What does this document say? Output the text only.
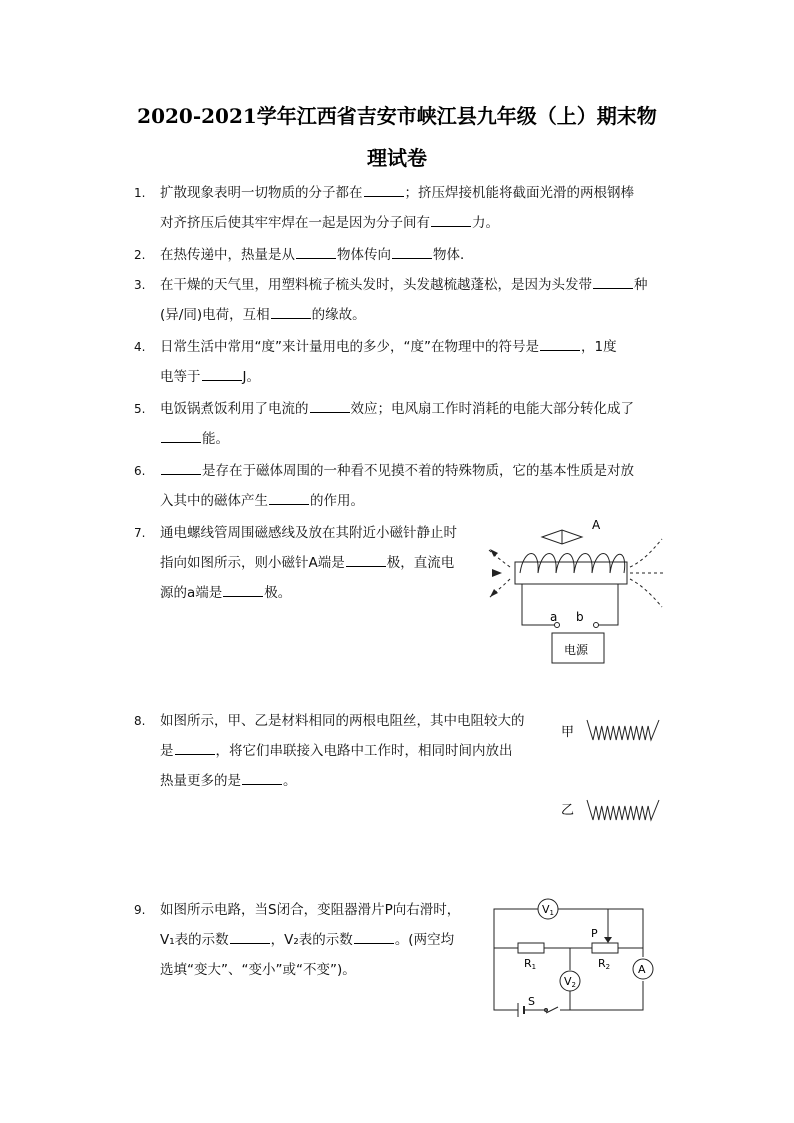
2020-2021学年江西省吉安市峡江县九年级（上）期末物
理试卷
1.	扩散现象表明一切物质的分子都在	；挤压焊接机能将截面光滑的两根钢棒
对齐挤压后使其牢牢焊在一起是因为分子间有	力。
2.	在热传递中，热量是从	物体传向	物体．
3.	在干燥的天气里，用塑料梳子梳头发时，头发越梳越蓬松，是因为头发带	种
(异/同)电荷，互相	的缘故。
4.	日常生活中常用“度”来计量用电的多少，“度”在物理中的符号是	，1度
电等于	J。
5.	电饭锅煮饭利用了电流的	效应；电风扇工作时消耗的电能大部分转化成了
能。
6.	是存在于磁体周围的一种看不见摸不着的特殊物质，它的基本性质是对放
入其中的磁体产生	的作用。
7.	通电螺线管周围磁感线及放在其附近小磁针静止时
指向如图所示，则小磁针A端是	极，直流电
源的a端是	极。
8.	如图所示，甲、乙是材料相同的两根电阻丝，其中电阻较大的
是	，将它们串联接入电路中工作时，相同时间内放出
热量更多的是	。
9.	如图所示电路，当S闭合，变阻器滑片P向右滑时，
V₁表的示数	，V₂表的示数	。(两空均
选填“变大”、“变小”或“不变”)。
A
a b
电源
甲
乙
V1
V2
A
R1	R2
P
S
